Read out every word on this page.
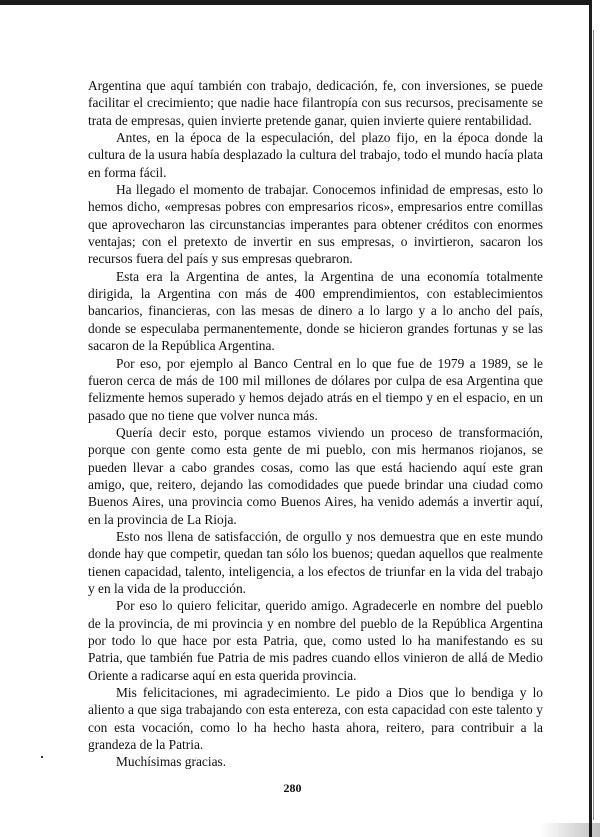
Argentina que aquí también con trabajo, dedicación, fe, con inversiones, se puede facilitar el crecimiento; que nadie hace filantropía con sus recursos, precisamente se trata de empresas, quien invierte pretende ganar, quien invierte quiere rentabilidad.

Antes, en la época de la especulación, del plazo fijo, en la época donde la cultura de la usura había desplazado la cultura del trabajo, todo el mundo hacía plata en forma fácil.

Ha llegado el momento de trabajar. Conocemos infinidad de empresas, esto lo hemos dicho, «empresas pobres con empresarios ricos», empresarios entre comillas que aprovecharon las circunstancias imperantes para obtener créditos con enormes ventajas; con el pretexto de invertir en sus empresas, o invirtieron, sacaron los recursos fuera del país y sus empresas quebraron.

Esta era la Argentina de antes, la Argentina de una economía totalmente dirigida, la Argentina con más de 400 emprendimientos, con establecimientos bancarios, financieras, con las mesas de dinero a lo largo y a lo ancho del país, donde se especulaba permanentemente, donde se hicieron grandes fortunas y se las sacaron de la República Argentina.

Por eso, por ejemplo al Banco Central en lo que fue de 1979 a 1989, se le fueron cerca de más de 100 mil millones de dólares por culpa de esa Argentina que felizmente hemos superado y hemos dejado atrás en el tiempo y en el espacio, en un pasado que no tiene que volver nunca más.

Quería decir esto, porque estamos viviendo un proceso de transformación, porque con gente como esta gente de mi pueblo, con mis hermanos riojanos, se pueden llevar a cabo grandes cosas, como las que está haciendo aquí este gran amigo, que, reitero, dejando las comodidades que puede brindar una ciudad como Buenos Aires, una provincia como Buenos Aires, ha venido además a invertir aquí, en la provincia de La Rioja.

Esto nos llena de satisfacción, de orgullo y nos demuestra que en este mundo donde hay que competir, quedan tan sólo los buenos; quedan aquellos que realmente tienen capacidad, talento, inteligencia, a los efectos de triunfar en la vida del trabajo y en la vida de la producción.

Por eso lo quiero felicitar, querido amigo. Agradecerle en nombre del pueblo de la provincia, de mi provincia y en nombre del pueblo de la República Argentina por todo lo que hace por esta Patria, que, como usted lo ha manifestando es su Patria, que también fue Patria de mis padres cuando ellos vinieron de allá de Medio Oriente a radicarse aquí en esta querida provincia.

Mis felicitaciones, mi agradecimiento. Le pido a Dios que lo bendiga y lo aliento a que siga trabajando con esta entereza, con esta capacidad con este talento y con esta vocación, como lo ha hecho hasta ahora, reitero, para contribuir a la grandeza de la Patria.

Muchísimas gracias.

280
